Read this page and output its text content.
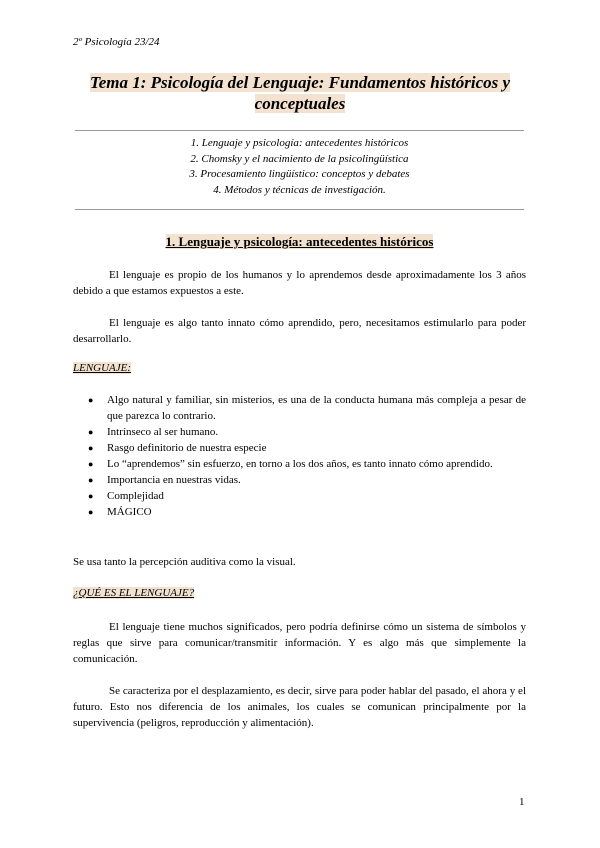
2º Psicología 23/24
Tema 1: Psicología del Lenguaje: Fundamentos históricos y conceptuales
1. Lenguaje y psicología: antecedentes históricos
2. Chomsky y el nacimiento de la psicolingüística
3. Procesamiento lingüístico: conceptos y debates
4. Métodos y técnicas de investigación.
1. Lenguaje y psicología: antecedentes históricos

El lenguaje es propio de los humanos y lo aprendemos desde aproximadamente los 3 años debido a que estamos expuestos a este.

El lenguaje es algo tanto innato cómo aprendido, pero, necesitamos estimularlo para poder desarrollarlo.

LENGUAJE:
● Algo natural y familiar, sin misterios, es una de la conducta humana más compleja a pesar de que parezca lo contrario.
● Intrínseco al ser humano.
● Rasgo definitorio de nuestra especie
● Lo “aprendemos” sin esfuerzo, en torno a los dos años, es tanto innato cómo aprendido.
● Importancia en nuestras vidas.
● Complejidad
● MÁGICO

Se usa tanto la percepción auditiva como la visual.

¿QUÉ ES EL LENGUAJE?

El lenguaje tiene muchos significados, pero podría definirse cómo un sistema de símbolos y reglas que sirve para comunicar/transmitir información. Y es algo más que simplemente la comunicación.

Se caracteriza por el desplazamiento, es decir, sirve para poder hablar del pasado, el ahora y el futuro. Esto nos diferencia de los animales, los cuales se comunican principalmente por la supervivencia (peligros, reproducción y alimentación).

1
